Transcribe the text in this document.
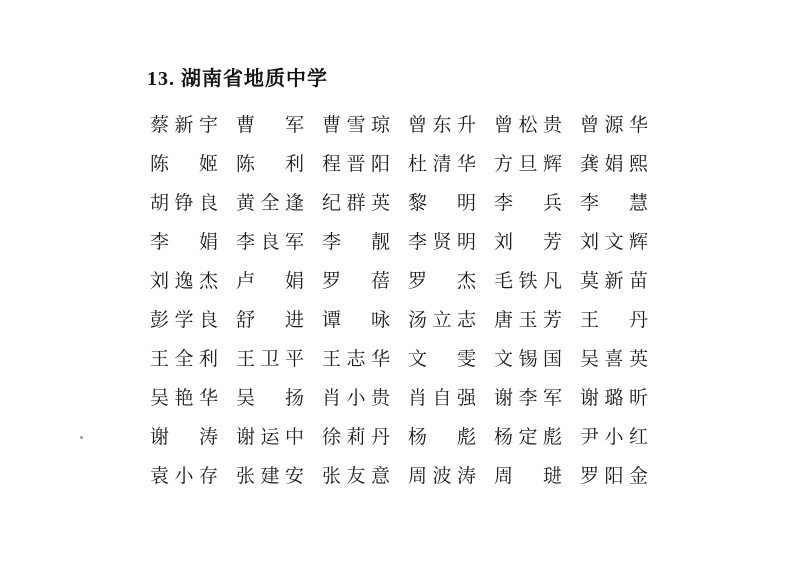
13. 湖南省地质中学
蔡 新 宇 曹 军 曹 雪 琼 曾 东 升 曾 松 贵 曾 源 华
陈 姬 陈 利 程 晋 阳 杜 清 华 方 旦 辉 龚 娟 熙
胡 铮 良 黄 全 逢 纪 群 英 黎 明 李 兵 李 慧
李 娟 李 良 军 李 靓 李 贤 明 刘 芳 刘 文 辉
刘 逸 杰 卢 娟 罗 蓓 罗 杰 毛 铁 凡 莫 新 苗
彭 学 良 舒 进 谭 咏 汤 立 志 唐 玉 芳 王 丹
王 全 利 王 卫 平 王 志 华 文 雯 文 锡 国 吴 喜 英
吴 艳 华 吴 扬 肖 小 贵 肖 自 强 谢 李 军 谢 璐 昕
谢 涛 谢 运 中 徐 莉 丹 杨 彪 杨 定 彪 尹 小 红
袁 小 存 张 建 安 张 友 意 周 波 涛 周 琎 罗 阳 金
